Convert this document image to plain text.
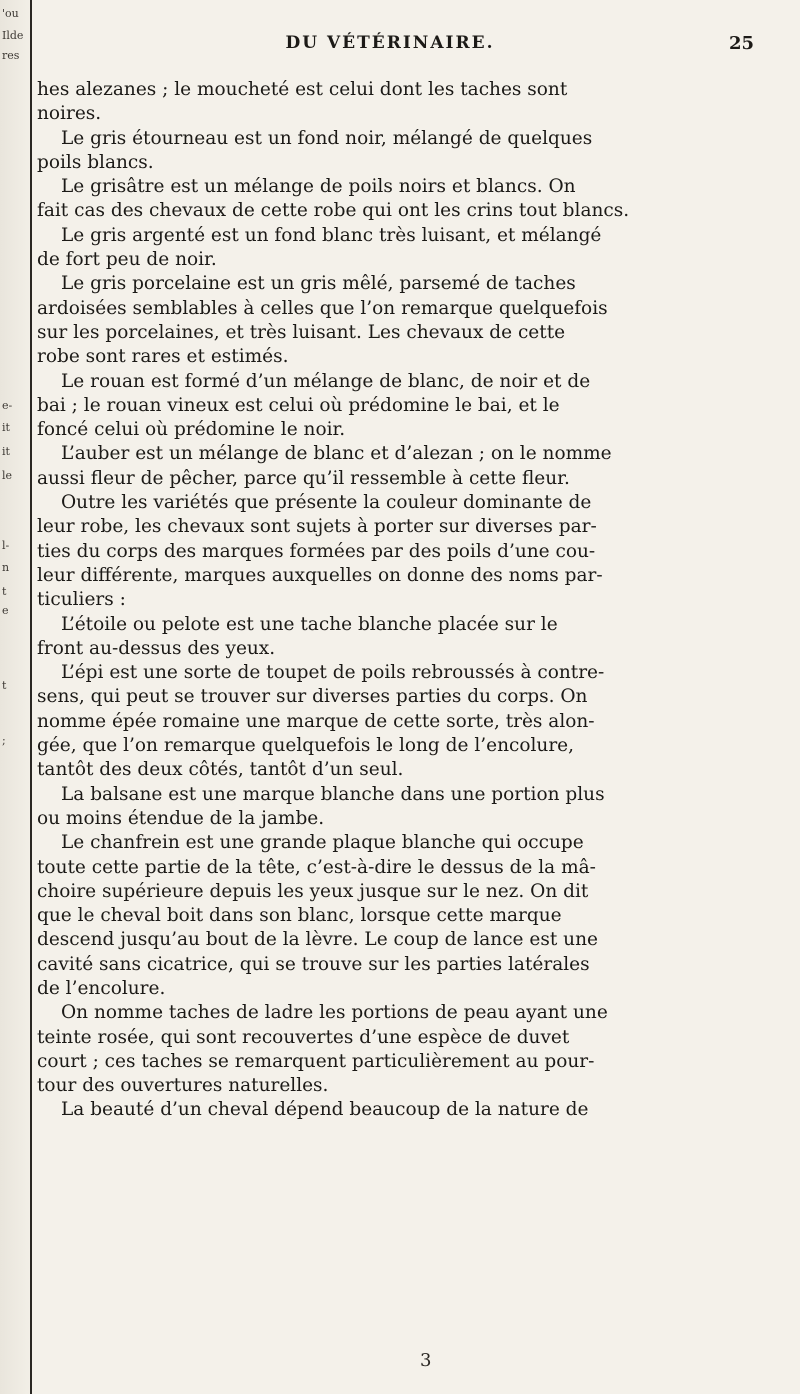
'ou
Ilde
res
e-
it
it
le
l-
n
t
e
t
;
DU VÉTÉRINAIRE.	25
hes alezanes ; le moucheté est celui dont les taches sont
noires.
Le gris étourneau est un fond noir, mélangé de quelques
poils blancs.
Le grisâtre est un mélange de poils noirs et blancs. On
fait cas des chevaux de cette robe qui ont les crins tout blancs.
Le gris argenté est un fond blanc très luisant, et mélangé
de fort peu de noir.
Le gris porcelaine est un gris mêlé, parsemé de taches
ardoisées semblables à celles que l’on remarque quelquefois
sur les porcelaines, et très luisant. Les chevaux de cette
robe sont rares et estimés.
Le rouan est formé d’un mélange de blanc, de noir et de
bai ; le rouan vineux est celui où prédomine le bai, et le
foncé celui où prédomine le noir.
L’auber est un mélange de blanc et d’alezan ; on le nomme
aussi fleur de pêcher, parce qu’il ressemble à cette fleur.
Outre les variétés que présente la couleur dominante de
leur robe, les chevaux sont sujets à porter sur diverses par-
ties du corps des marques formées par des poils d’une cou-
leur différente, marques auxquelles on donne des noms par-
ticuliers :
L’étoile ou pelote est une tache blanche placée sur le
front au-dessus des yeux.
L’épi est une sorte de toupet de poils rebroussés à contre-
sens, qui peut se trouver sur diverses parties du corps. On
nomme épée romaine une marque de cette sorte, très alon-
gée, que l’on remarque quelquefois le long de l’encolure,
tantôt des deux côtés, tantôt d’un seul.
La balsane est une marque blanche dans une portion plus
ou moins étendue de la jambe.
Le chanfrein est une grande plaque blanche qui occupe
toute cette partie de la tête, c’est-à-dire le dessus de la mâ-
choire supérieure depuis les yeux jusque sur le nez. On dit
que le cheval boit dans son blanc, lorsque cette marque
descend jusqu’au bout de la lèvre. Le coup de lance est une
cavité sans cicatrice, qui se trouve sur les parties latérales
de l’encolure.
On nomme taches de ladre les portions de peau ayant une
teinte rosée, qui sont recouvertes d’une espèce de duvet
court ; ces taches se remarquent particulièrement au pour-
tour des ouvertures naturelles.
La beauté d’un cheval dépend beaucoup de la nature de
3
